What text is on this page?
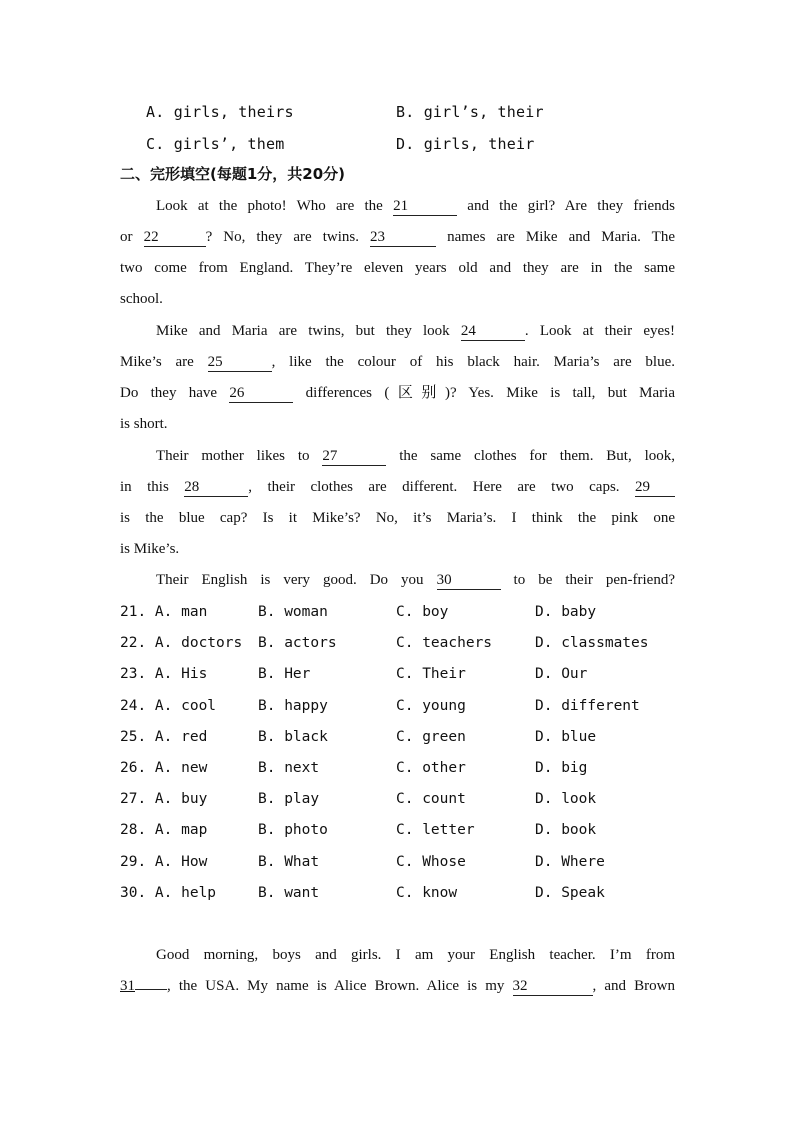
A. girls, theirs	B. girl’s, their
C. girls’, them	D. girls, their
二、完形填空(每题1分，共20分)
Look at the photo! Who are the 21	and the girl? Are they friends
or 22	? No, they are twins. 23	names are Mike and Maria. The
two come from England. They’re eleven years old and they are in the same
school.
Mike and Maria are twins, but they look 24	. Look at their eyes!
Mike’s are 25	, like the colour of his black hair. Maria’s are blue.
Do they have 26	differences (区别)? Yes. Mike is tall, but Maria
is short.
Their mother likes to 27	the same clothes for them. But, look,
in this 28	, their clothes are different. Here are two caps. 29
is the blue cap? Is it Mike’s? No, it’s Maria’s. I think the pink one
is Mike’s.
Their English is very good. Do you 30	to be their pen-friend?
21. A. man	B. woman	C. boy	D. baby
22. A. doctors B. actors	C. teachers	D. classmates
23. A. His	B. Her	C. Their	D. Our
24. A. cool	B. happy	C. young	D. different
25. A. red	B. black	C. green	D. blue
26. A. new	B. next	C. other	D. big
27. A. buy	B. play	C. count	D. look
28. A. map	B. photo	C. letter	D. book
29. A. How	B. What	C. Whose	D. Where
30. A. help	B. want	C. know	D. Speak
Good morning, boys and girls. I am your English teacher. I’m from
31 , the USA. My name is Alice Brown. Alice is my 32	, and Brown
